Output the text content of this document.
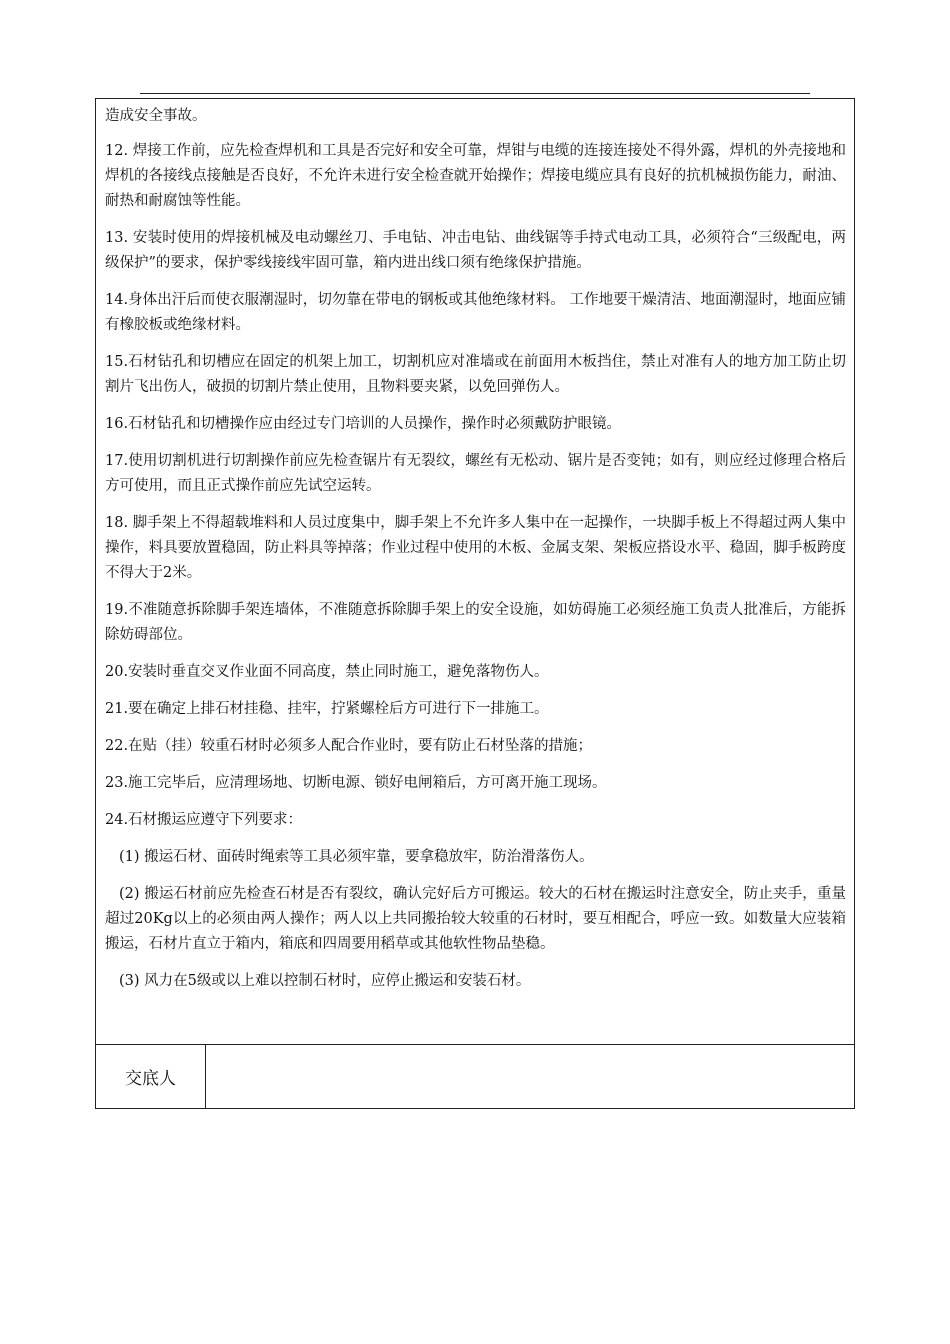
造成安全事故。

12. 焊接工作前，应先检查焊机和工具是否完好和安全可靠，焊钳与电缆的连接连接处不得外露，焊机的外壳接地和焊机的各接线点接触是否良好，不允许未进行安全检查就开始操作；焊接电缆应具有良好的抗机械损伤能力，耐油、耐热和耐腐蚀等性能。

13. 安装时使用的焊接机械及电动螺丝刀、手电钻、冲击电钻、曲线锯等手持式电动工具，必须符合“三级配电，两级保护”的要求，保护零线接线牢固可靠，箱内进出线口须有绝缘保护措施。

14.身体出汗后而使衣服潮湿时，切勿靠在带电的钢板或其他绝缘材料。 工作地要干燥清洁、地面潮湿时，地面应铺有橡胶板或绝缘材料。

15.石材钻孔和切槽应在固定的机架上加工，切割机应对准墙或在前面用木板挡住，禁止对准有人的地方加工防止切割片飞出伤人，破损的切割片禁止使用，且物料要夹紧，以免回弹伤人。

16.石材钻孔和切槽操作应由经过专门培训的人员操作，操作时必须戴防护眼镜。

17.使用切割机进行切割操作前应先检查锯片有无裂纹，螺丝有无松动、锯片是否变钝；如有，则应经过修理合格后方可使用，而且正式操作前应先试空运转。

18. 脚手架上不得超载堆料和人员过度集中，脚手架上不允许多人集中在一起操作，一块脚手板上不得超过两人集中操作，料具要放置稳固，防止料具等掉落；作业过程中使用的木板、金属支架、架板应搭设水平、稳固，脚手板跨度不得大于2米。

19.不准随意拆除脚手架连墙体，不准随意拆除脚手架上的安全设施，如妨碍施工必须经施工负责人批准后，方能拆除妨碍部位。

20.安装时垂直交叉作业面不同高度，禁止同时施工，避免落物伤人。

21.要在确定上排石材挂稳、挂牢，拧紧螺栓后方可进行下一排施工。

22.在贴（挂）较重石材时必须多人配合作业时，要有防止石材坠落的措施；

23.施工完毕后，应清理场地、切断电源、锁好电闸箱后，方可离开施工现场。

24.石材搬运应遵守下列要求：

(1) 搬运石材、面砖时绳索等工具必须牢靠，要拿稳放牢，防治滑落伤人。

(2) 搬运石材前应先检查石材是否有裂纹，确认完好后方可搬运。较大的石材在搬运时注意安全，防止夹手，重量超过20Kg以上的必须由两人操作；两人以上共同搬抬较大较重的石材时，要互相配合，呼应一致。如数量大应装箱搬运，石材片直立于箱内，箱底和四周要用稻草或其他软性物品垫稳。

(3) 风力在5级或以上难以控制石材时，应停止搬运和安装石材。

交底人
